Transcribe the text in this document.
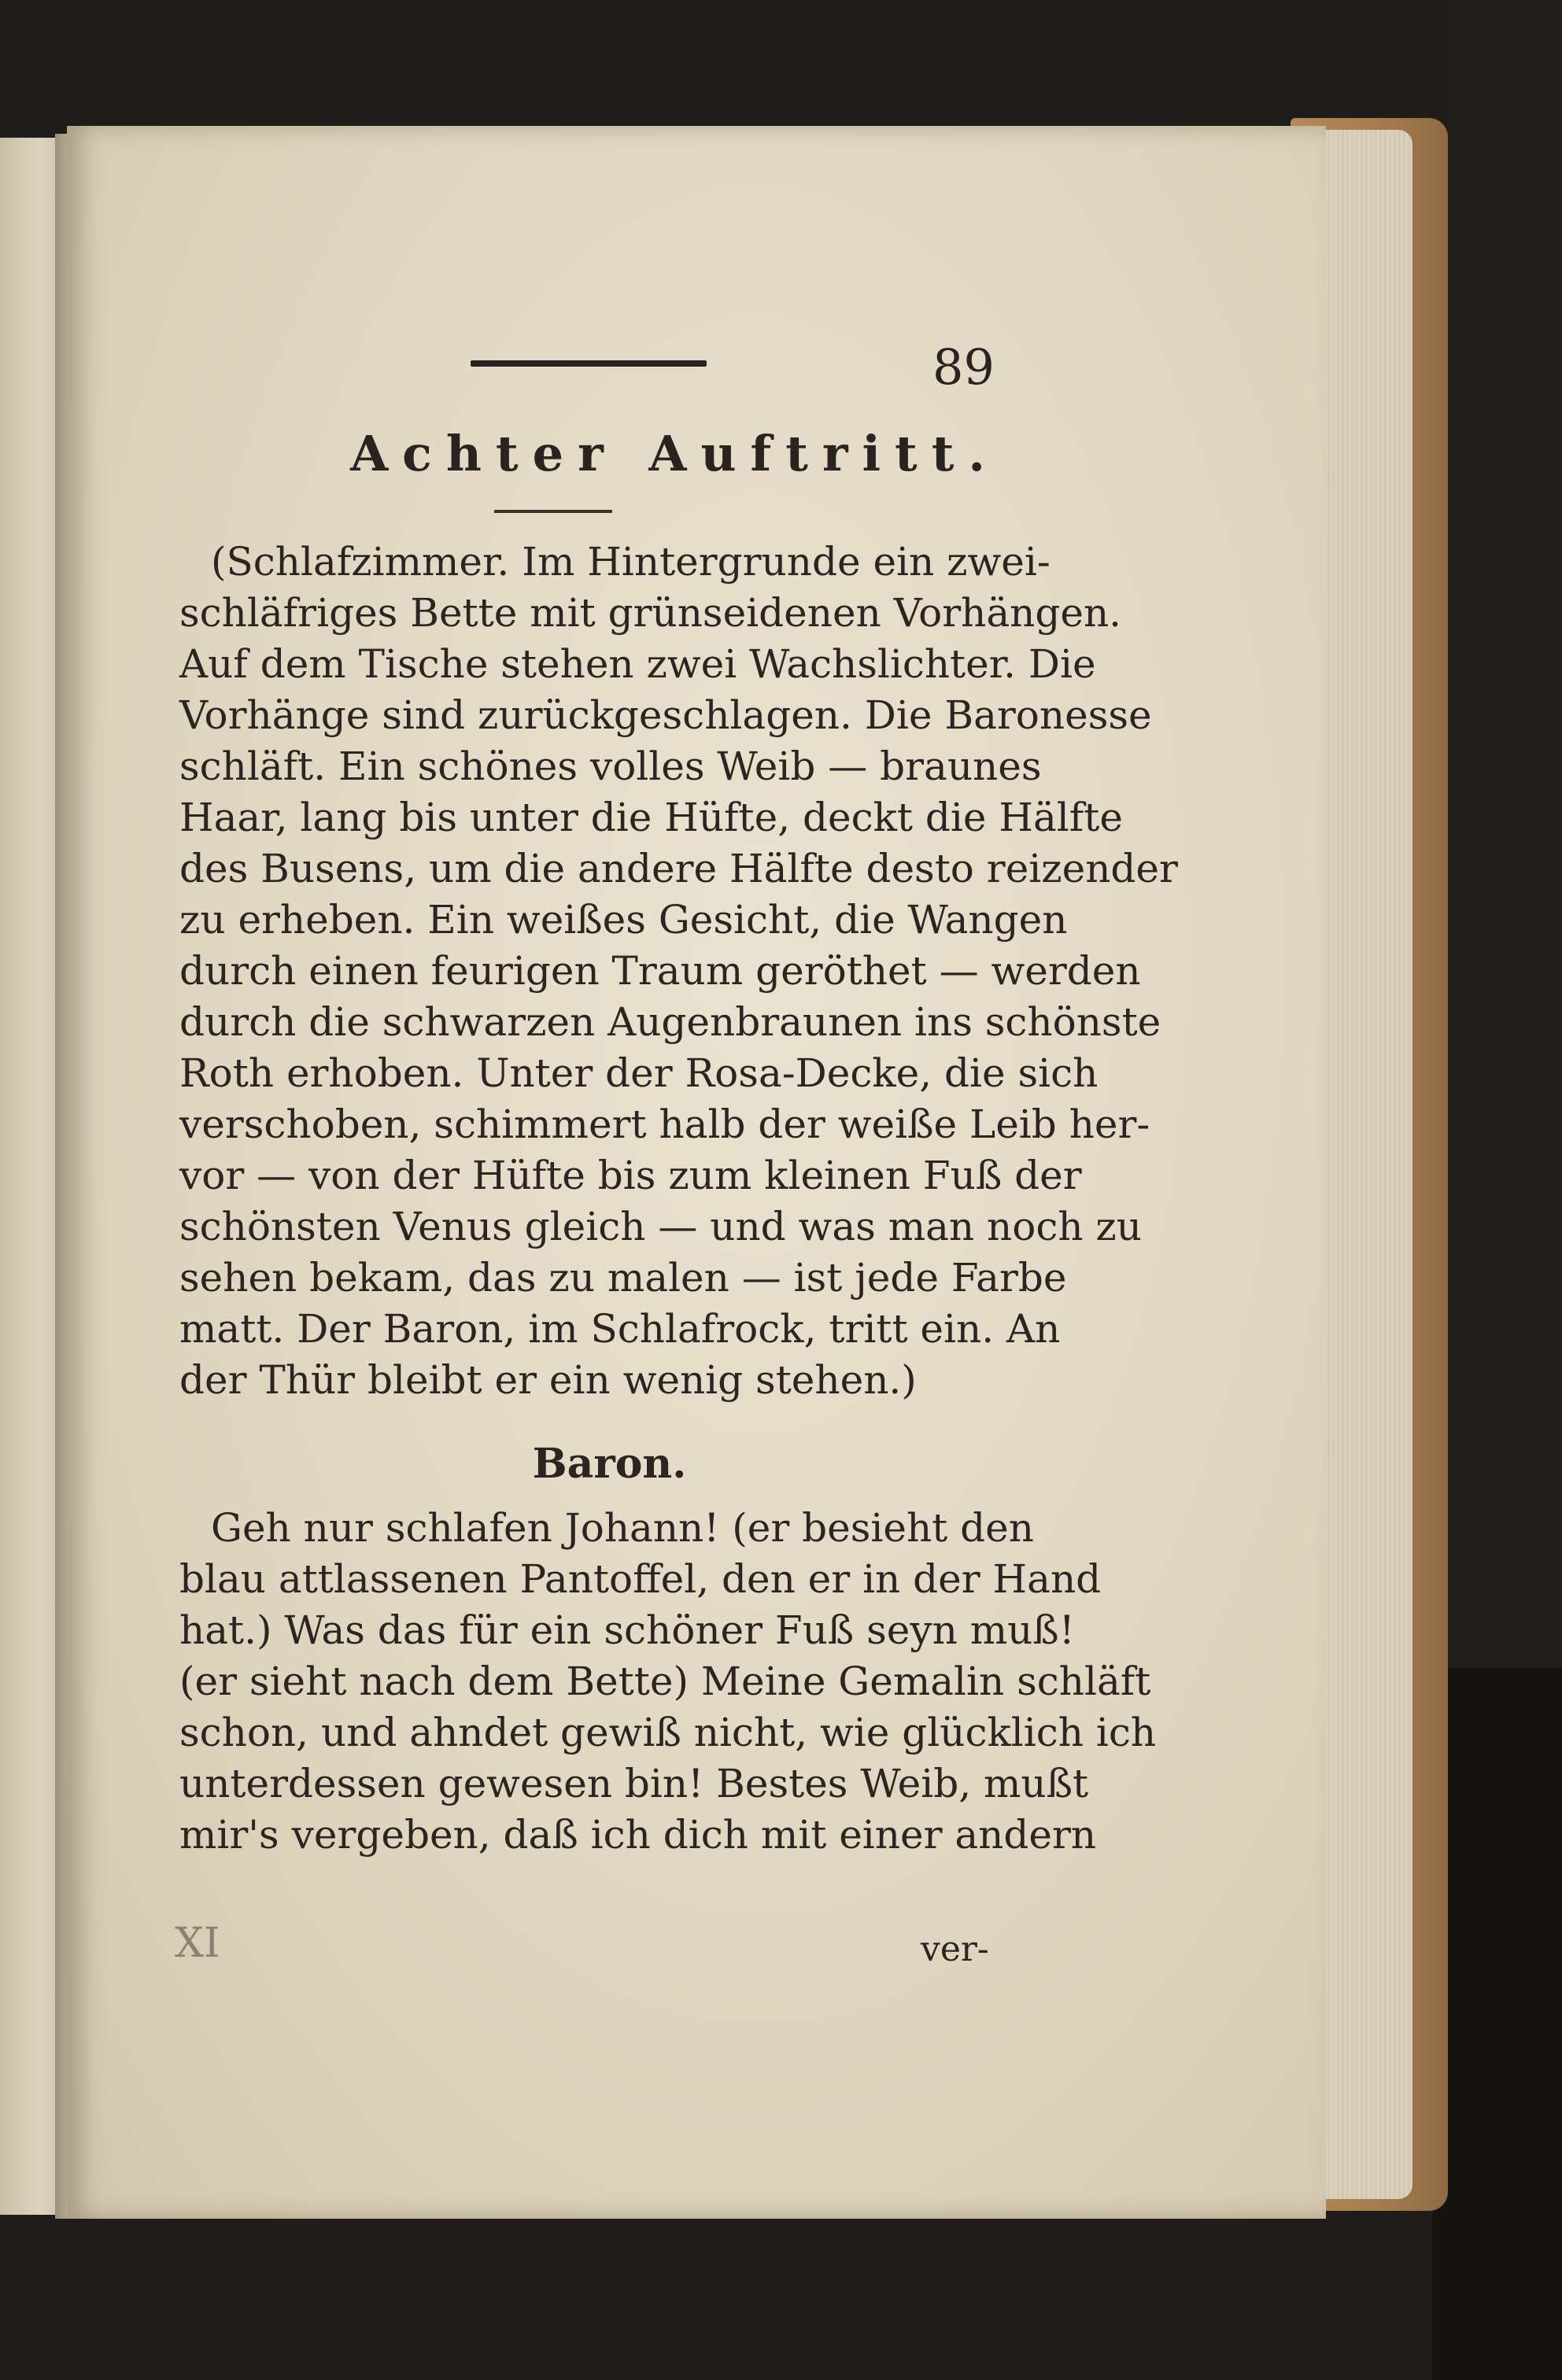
89
Achter Auftritt.
(Schlafzimmer. Im Hintergrunde ein zwei-
schläfriges Bette mit grünseidenen Vorhängen.
Auf dem Tische stehen zwei Wachslichter. Die
Vorhänge sind zurückgeschlagen. Die Baronesse
schläft. Ein schönes volles Weib — braunes
Haar, lang bis unter die Hüfte, deckt die Hälfte
des Busens, um die andere Hälfte desto reizender
zu erheben. Ein weißes Gesicht, die Wangen
durch einen feurigen Traum geröthet — werden
durch die schwarzen Augenbraunen ins schönste
Roth erhoben. Unter der Rosa-Decke, die sich
verschoben, schimmert halb der weiße Leib her-
vor — von der Hüfte bis zum kleinen Fuß der
schönsten Venus gleich — und was man noch zu
sehen bekam, das zu malen — ist jede Farbe
matt. Der Baron, im Schlafrock, tritt ein. An
der Thür bleibt er ein wenig stehen.)
Baron.
Geh nur schlafen Johann! (er besieht den
blau attlassenen Pantoffel, den er in der Hand
hat.) Was das für ein schöner Fuß seyn muß!
(er sieht nach dem Bette) Meine Gemalin schläft
schon, und ahndet gewiß nicht, wie glücklich ich
unterdessen gewesen bin! Bestes Weib, mußt
mir's vergeben, daß ich dich mit einer andern
XI	ver-
